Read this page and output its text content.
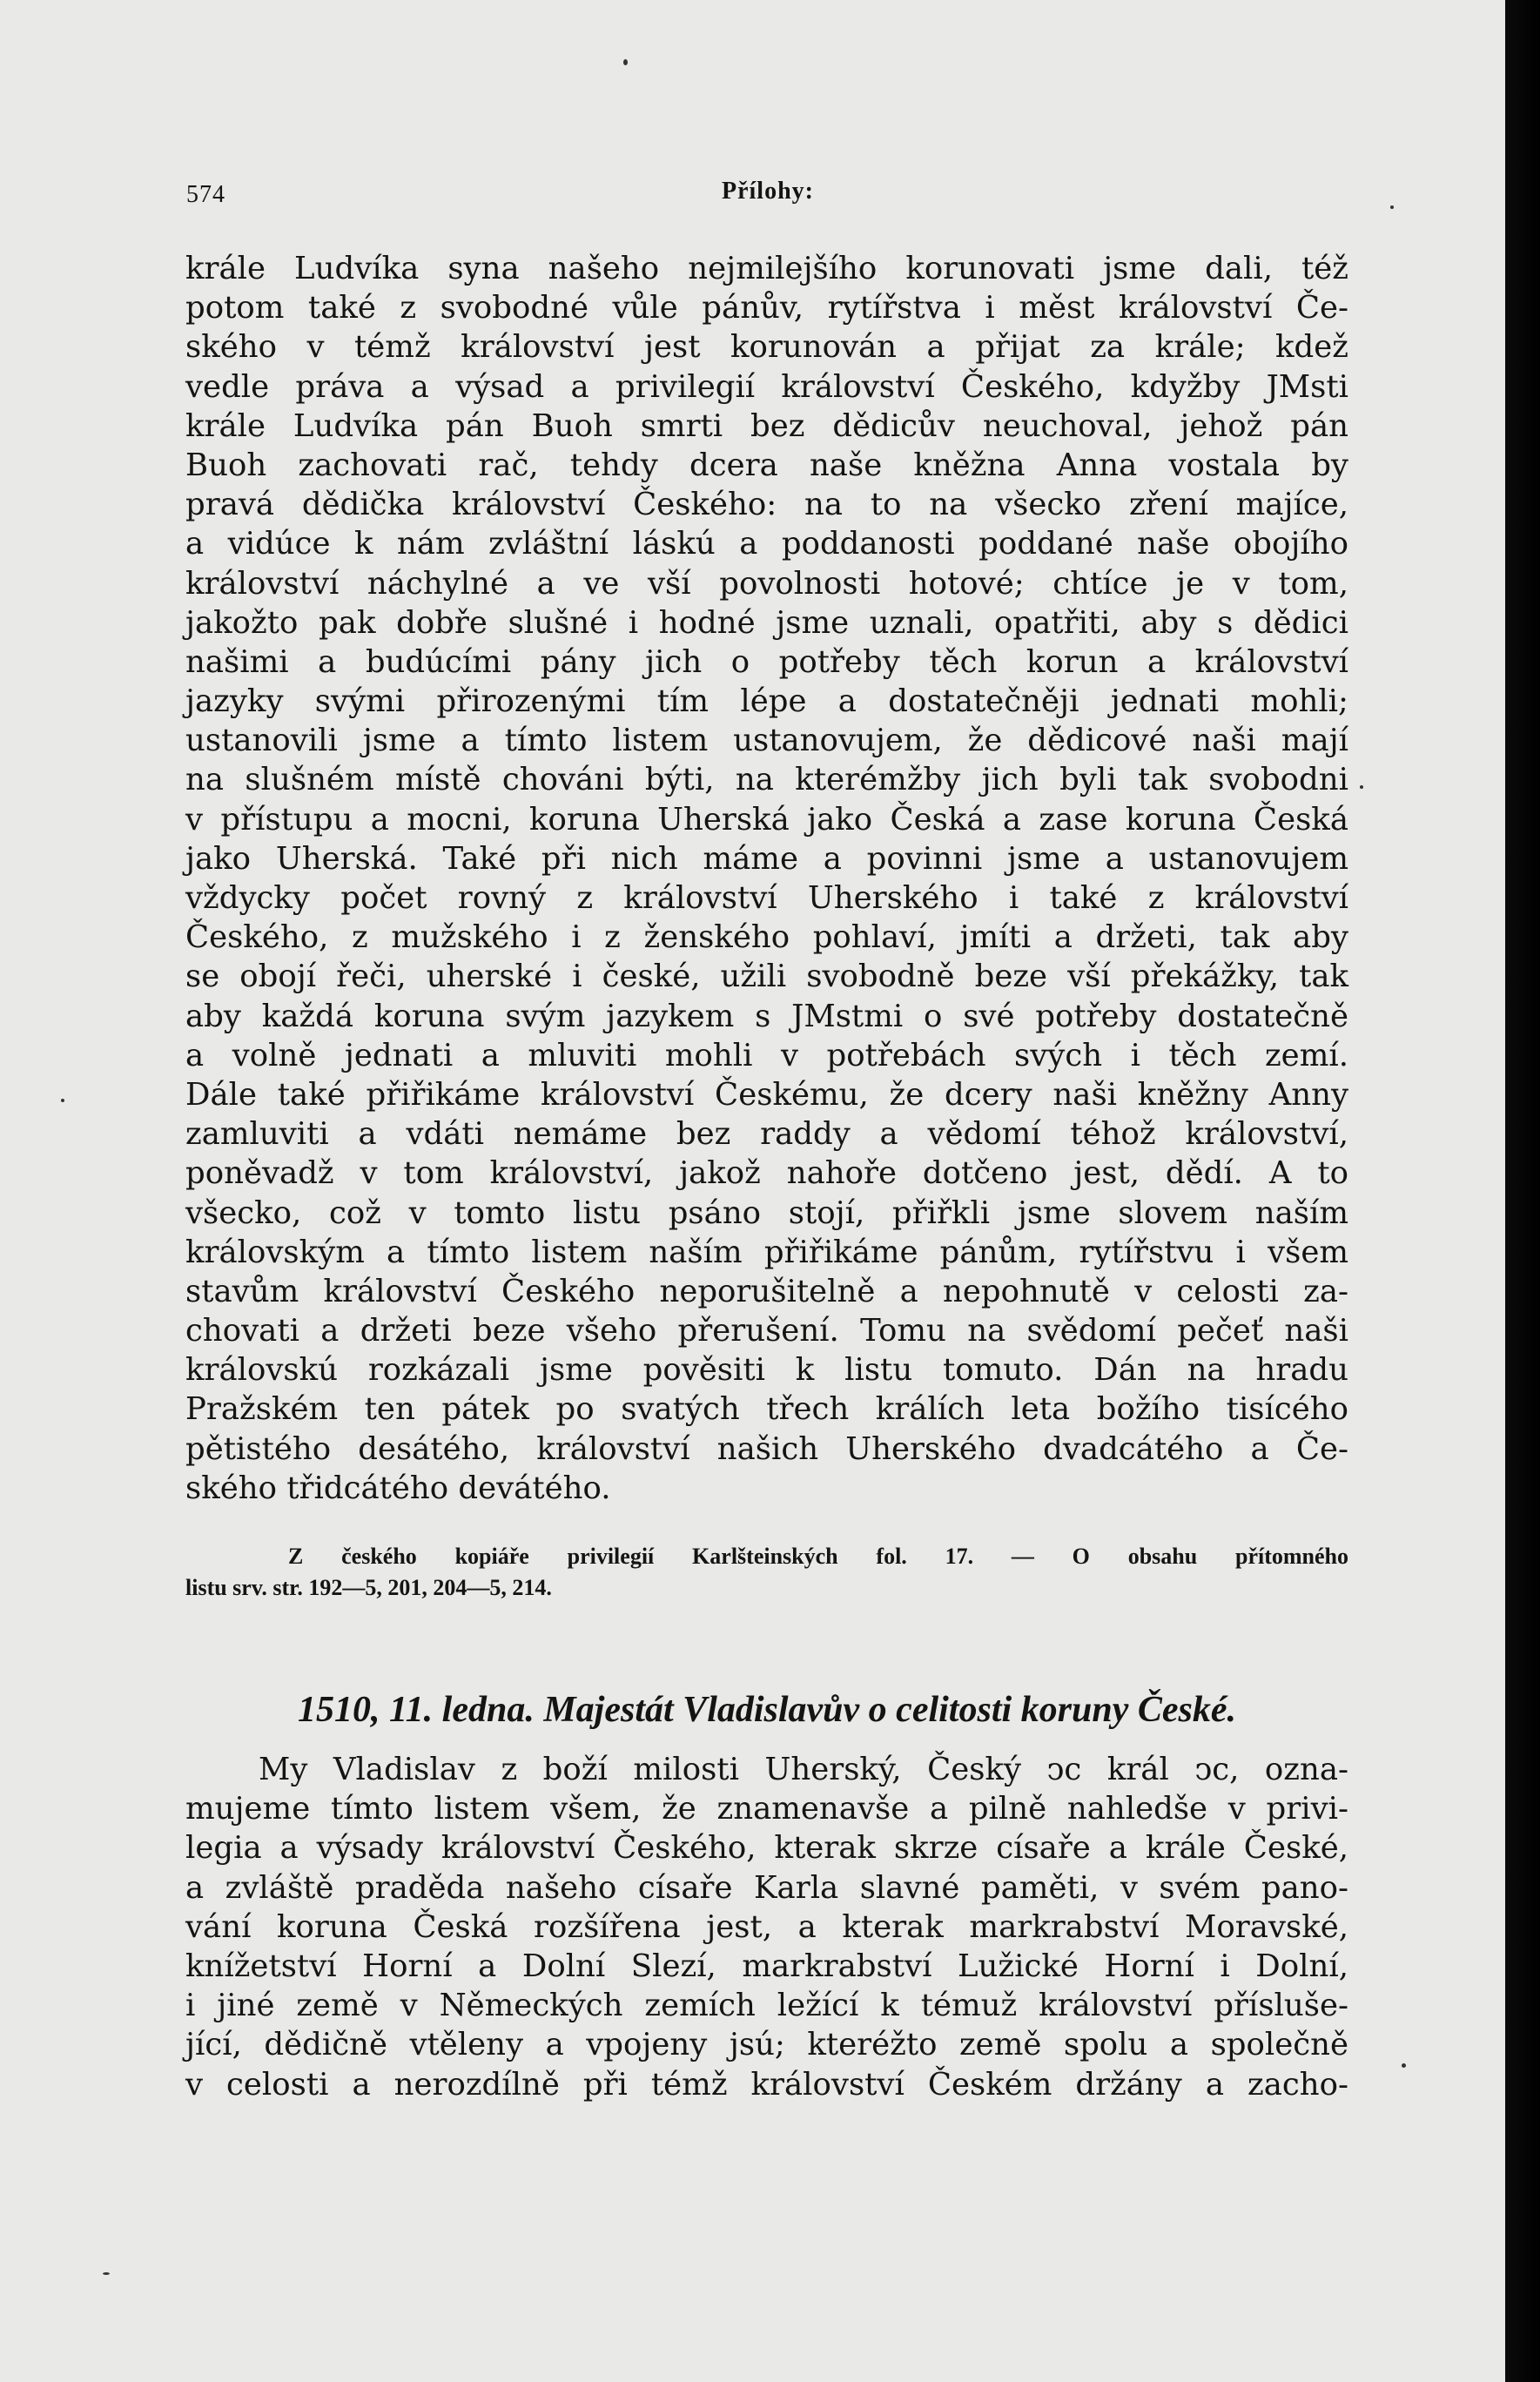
574	Přílohy:
krále Ludvíka syna našeho nejmilejšího korunovati jsme dali, též
potom také z svobodné vůle pánův, rytířstva i měst království Če-
ského v témž království jest korunován a přijat za krále; kdež
vedle práva a výsad a privilegií království Českého, kdyžby JMsti
krále Ludvíka pán Buoh smrti bez dědicův neuchoval, jehož pán
Buoh zachovati rač, tehdy dcera naše kněžna Anna vostala by
pravá dědička království Českého: na to na všecko zření majíce,
a vidúce k nám zvláštní láskú a poddanosti poddané naše obojího
království náchylné a ve vší povolnosti hotové; chtíce je v tom,
jakožto pak dobře slušné i hodné jsme uznali, opatřiti, aby s dědici
našimi a budúcími pány jich o potřeby těch korun a království
jazyky svými přirozenými tím lépe a dostatečněji jednati mohli;
ustanovili jsme a tímto listem ustanovujem, že dědicové naši mají
na slušném místě chováni býti, na kterémžby jich byli tak svobodni
v přístupu a mocni, koruna Uherská jako Česká a zase koruna Česká
jako Uherská. Také při nich máme a povinni jsme a ustanovujem
vždycky počet rovný z království Uherského i také z království
Českého, z mužského i z ženského pohlaví, jmíti a držeti, tak aby
se obojí řeči, uherské i české, užili svobodně beze vší překážky, tak
aby každá koruna svým jazykem s JMstmi o své potřeby dostatečně
a volně jednati a mluviti mohli v potřebách svých i těch zemí.
Dále také přiřikáme království Českému, že dcery naši kněžny Anny
zamluviti a vdáti nemáme bez raddy a vědomí téhož království,
poněvadž v tom království, jakož nahoře dotčeno jest, dědí. A to
všecko, což v tomto listu psáno stojí, přiřkli jsme slovem naším
královským a tímto listem naším přiřikáme pánům, rytířstvu i všem
stavům království Českého neporušitelně a nepohnutě v celosti za-
chovati a držeti beze všeho přerušení. Tomu na svědomí pečeť naši
královskú rozkázali jsme pověsiti k listu tomuto. Dán na hradu
Pražském ten pátek po svatých třech králích leta božího tisícého
pětistého desátého, království našich Uherského dvadcátého a Če-
ského třidcátého devátého.
Z českého kopiáře privilegií Karlšteinských fol. 17. — O obsahu přítomného
listu srv. str. 192—5, 201, 204—5, 214.
1510, 11. ledna. Majestát Vladislavův o celitosti koruny České.
My Vladislav z boží milosti Uherský, Český ͻc král ͻc, ozna-
mujeme tímto listem všem, že znamenavše a pilně nahledše v privi-
legia a výsady království Českého, kterak skrze císaře a krále České,
a zvláště praděda našeho císaře Karla slavné paměti, v svém pano-
vání koruna Česká rozšířena jest, a kterak markrabství Moravské,
knížetství Horní a Dolní Slezí, markrabství Lužické Horní i Dolní,
i jiné země v Německých zemích ležící k témuž království přísluše-
jící, dědičně vtěleny a vpojeny jsú; kteréžto země spolu a společně
v celosti a nerozdílně při témž království Českém držány a zacho-
